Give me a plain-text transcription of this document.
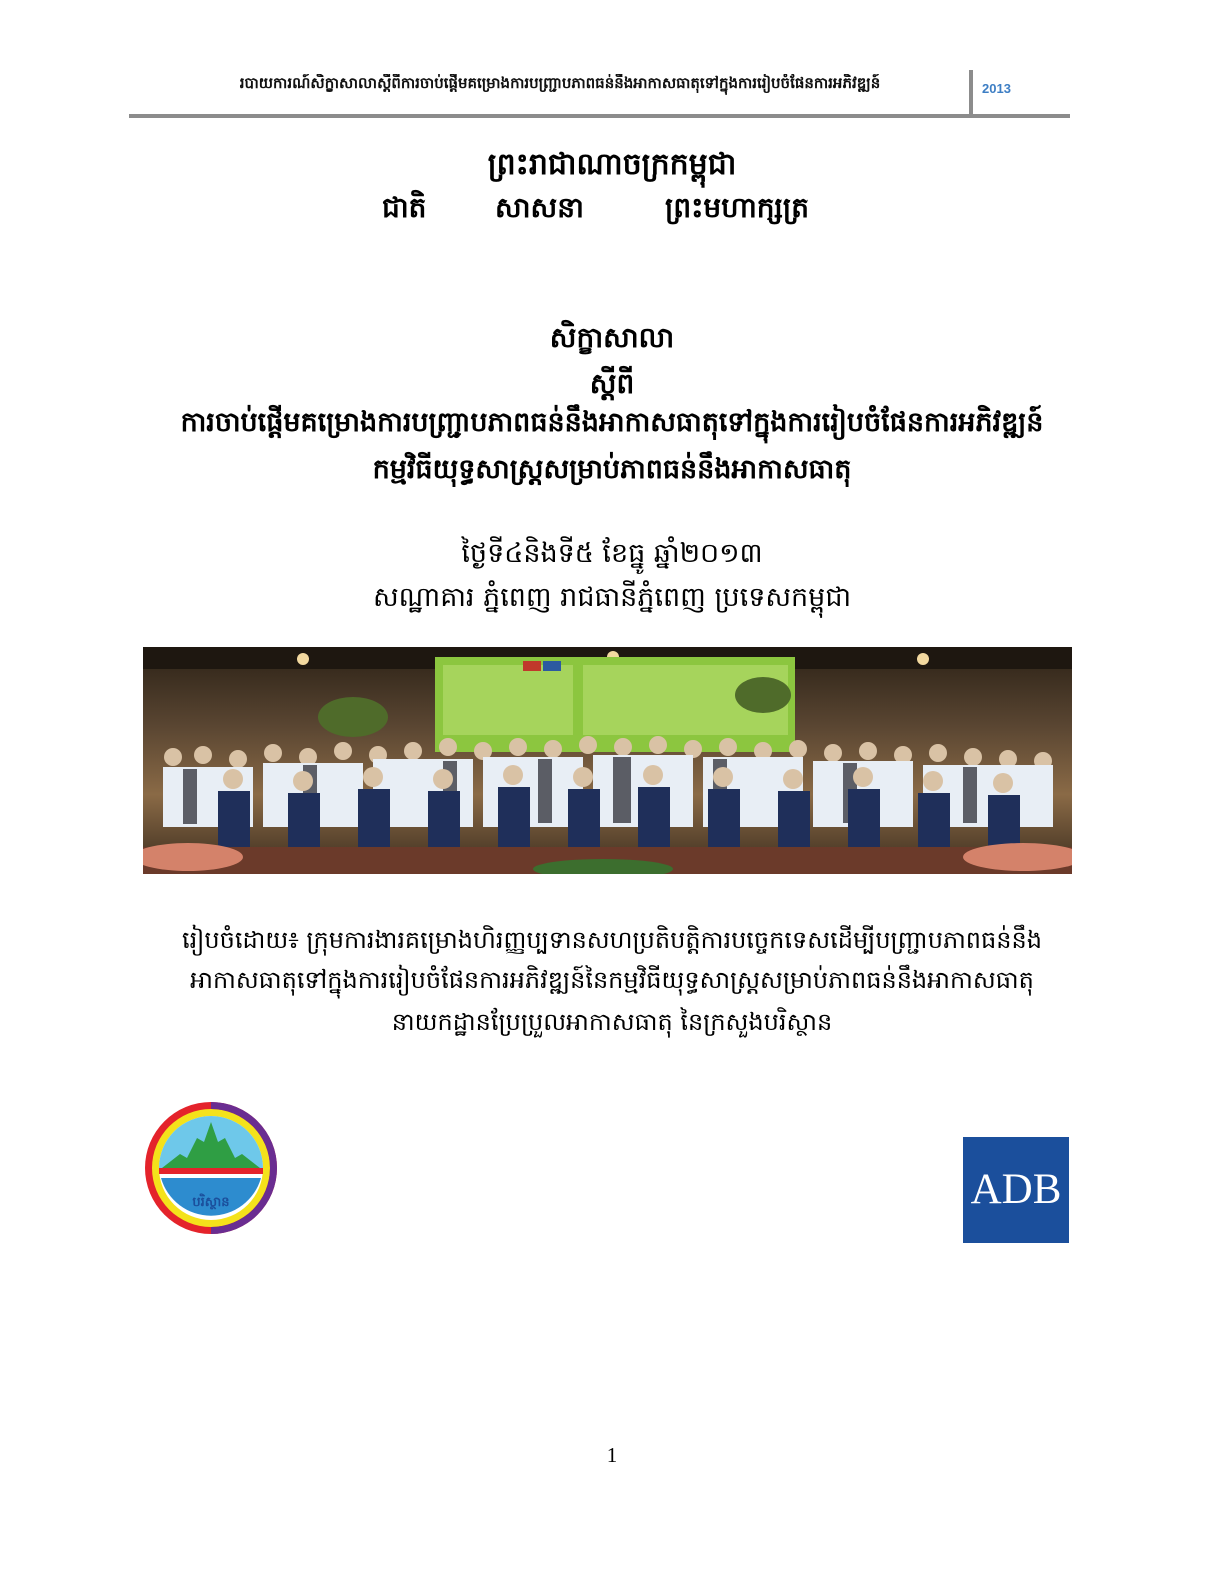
របាយការណ៍សិក្ខាសាលាស្តីពីការចាប់ផ្តើមគម្រោងការបញ្ជ្រាបភាពធន់នឹងអាកាសធាតុទៅក្នុងការរៀបចំផែនការអភិវឌ្ឍន៍	2013
ព្រះរាជាណាចក្រកម្ពុជា
ជាតិ សាសនា	ព្រះមហាក្សត្រ
សិក្ខាសាលា
ស្តីពី
ការចាប់ផ្តើមគម្រោងការបញ្ជ្រាបភាពធន់នឹងអាកាសធាតុទៅក្នុងការរៀបចំផែនការអភិវឌ្ឍន៍
កម្មវិធីយុទ្ធសាស្ត្រសម្រាប់ភាពធន់នឹងអាកាសធាតុ
ថ្ងៃទី៤និងទី៥ ខែធ្នូ ឆ្នាំ២០១៣
សណ្ឋាគារ ភ្នំពេញ រាជធានីភ្នំពេញ ប្រទេសកម្ពុជា
រៀបចំដោយ៖ ក្រុមការងារគម្រោងហិរញ្ញប្បទានសហប្រតិបត្តិការបច្ចេកទេសដើម្បីបញ្ជ្រាបភាពធន់នឹង
អាកាសធាតុទៅក្នុងការរៀបចំផែនការអភិវឌ្ឍន៍នៃកម្មវិធីយុទ្ធសាស្ត្រសម្រាប់ភាពធន់នឹងអាកាសធាតុ
នាយកដ្ឋានប្រែប្រួលអាកាសធាតុ នៃក្រសួងបរិស្ថាន
បរិស្ថាន	ADB
1
